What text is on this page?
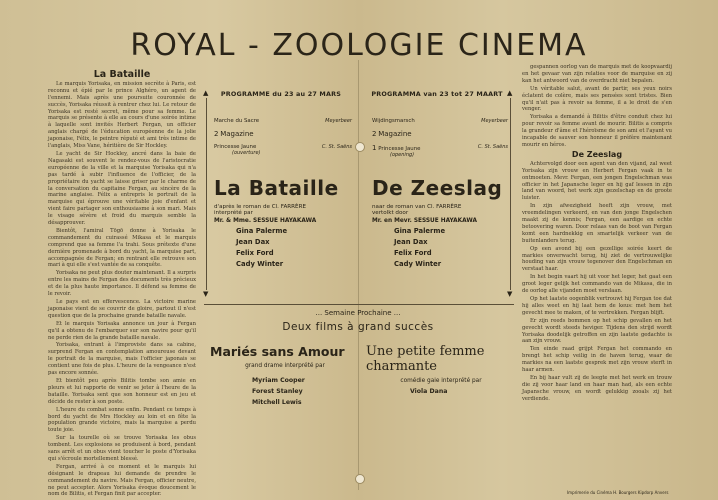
ROYAL - ZOOLOGIE CINEMA
La Bataille

Le marquis Yorisaka, en mission secrète à Paris, est reconnu et épié par le prince Alghéro, un agent de l'ennemi. Mais après une poursuite couronnée de succès, Yorisaka réussit à rentrer chez lui. Le retour de Yorisaka est resté secret, même pour sa femme. Le marquis se présente à elle au cours d'une soirée intime à laquelle sont invités Herbert Fergan, un officier anglais chargé de l'éducation européenne de la jolie japonaise, Félix, le peintre réputé et ami très intime de l'anglais, Miss Vane, héritière de Sir Hockley.

Le yacht de Sir Hockley, ancré dans la baie de Nagasaki est souvent le rendez-vous de l'aristocratie européenne de la ville et la marquise Yorisaka qui n'a pas tardé à subir l'influence de l'officier, de la propriétaire du yacht se laisse griser par le charme de la conversation du capitaine Fergan, au sincère de la marine anglaise. Félix a entrepris le portrait de la marquise qui éprouve une véritable joie d'enfant et vient faire partager son enthousiasme à son mari. Mais le visage sévère et froid du marquis semble la désapprouver.

Bientôt, l'amiral Tōgō donne à Yorisaka le commandement du cuirassé Mikasa et le marquis comprend que sa femme l'a trahi. Sous prétexte d'une dernière promenade à bord du yacht, la marquise part, accompagnée de Fergan; en rentrant elle retrouve son mari à qui elle s'est vantée de sa conquête.

Yorisaka ne peut plus douter maintenant. Il a surpris entre les mains de Fergan des documents très précieux et de la plus haute importance. Il défend sa femme de le revoir.

Le pays est en effervescence. La victoire marine japonaise vient de se couvrir de gloire, partout il n'est question que de la prochaine grande bataille navale.

Et le marquis Yorisaka annonce un jour à Fergan qu'il a obtenu de l'embarquer sur son navire pour qu'il ne perde rien de la grande bataille navale.

Yorisaka, entrant à l'improviste dans sa cabine, surprend Fergan en contemplation amoureuse devant le portrait de la marquise, mais l'officier japonais se contient une fois de plus. L'heure de la vengeance n'est pas encore sonnée.

Et bientôt peu après Bilitis tombe son amie en pleurs et lui rapporte de venir se jeter à l'heure de la bataille. Yorisaka sent que son honneur est en jeu et décide de rester à son poste.

L'heure du combat sonne enfin. Pendant ce temps à bord du yacht de Mrs Hockley au loin et en fête la population grande victoire, mais la marquise a perdu toute joie.

Sur la tourelle où se trouve Yorisaka les obus tombent. Les explosions se produisent à bord, pendant sans arrêt et un obus vient toucher le poste d'Yorisaka qui s'écroule mortellement blessé.

Fergan, arrivé à ce moment et le marquis lui désignant le drapeau lui demande de prendre le commandement du navire. Mais Fergan, officier neutre, ne peut accepter. Alors Yorisaka évoque doucement le nom de Bilitis, et Fergan finit par accepter.

PROGRAMME du 23 au 27 MARS
Marche du Sacre	Meyerbeer
2 Magazine
Princesse Jaune	C. St. Saëns
(ouverture)
La Bataille
d'après le roman de Cl. FARRÈRE
interprété par
Mr. & Mme. SESSUE HAYAKAWA
Gina Palerme
Jean Dax
Felix Ford
Cady Winter
PROGRAMMA van 23 tot 27 MAART
Wijdingsmarsch	Meyerbeer
2 Magazine
1 Princesse Jaune	C. St. Saëns
(opening)
De Zeeslag
naar de roman van Cl. FARRÈRE
vertolkt door
Mr. en Mevr. SESSUE HAYAKAWA
Gina Palerme
Jean Dax
Felix Ford
Cady Winter
▲
▼
▲
▼
... Semaine Prochaine ...
Deux films à grand succès
Mariés sans Amour
grand drame interprété par
Myriam Cooper
Forest Stanley
Mitchell Lewis
Une petite femme charmante
comédie gaie interprété par
Viola Dana

gespannen oorlog van de marquis met de koopvaardij en het gevaar van zijn relaties voor de marquise en zij kan het antwoord van de overdracht niet bepalen.

Un véritable salut, avant de partir, ses yeux noirs éclatent de colère, mais ses pensées sont tristes. Bien qu'il n'ait pas à revoir sa femme, il a le droit de s'en venger.

Yorisaka a demandé à Bilitis d'être conduit chez lui pour revoir sa femme avant de mourir. Bilitis a compris la grandeur d'âme et l'héroïsme de son ami et l'ayant vu incapable de sauver son honneur il préfère maintenant mourir en héros.

De Zeeslag

Achtervolgd door een agent van den vijand, zal weet Yorisaka zijn vrouw en Herbert Fergan vaak in te ontmoeten. Mevr. Fergan, een jongen Engelschman was officier in het Japansche leger en hij gaf lessen in zijn land van woord, het werk zijn gezelschap en de groote luister.

In zijn afwezigheid heeft zijn vrouw, met vreemdelingen verkeerd, en van den jonge Engelschen maakt zij de kennis; Fergan, een aardige en echte betoovering waren. Door relaas van de boot van Fergan komt een hardnekkig en smartelijk verkeer van de buitenlanders terug.

Op een avond bij een gezellige soirée keert de markies onverwacht terug, hij ziet de vertrouwelijke houding van zijn vrouw tegenover den Engelschman en verstaat haar.

In het begin vaart hij uit voor het leger, het gaat een groot leger gelijk het commando van de Mikasa, die in de oorlog alle vijanden moet verslaan.

Op het laatste oogenblik vertrouwt hij Fergan toe dat hij alles weet en hij laat hem de keus: met hem het gevecht mee te maken, of te vertrekken. Fergan blijft.

Er zijn reeds bommen op het schip gevallen en het gevecht wordt steeds heviger. Tijdens den strijd wordt Yorisaka doodelijk getroffen en zijn laatste gedachte is aan zijn vrouw.

Ten einde raad grijpt Fergan het commando en brengt het schip veilig in de haven terug, waar de markies na een laatste gesprek met zijn vrouw sterft in haar armen.

En bij haar vult zij de leegte met het werk en trouw die zij voor haar land en haar man had, als een echte Japansche vrouw, en wordt gelukkig zooals zij het verdiende.

Imprimerie du Cinéma H. Bourgers Kipdorp Anvers
